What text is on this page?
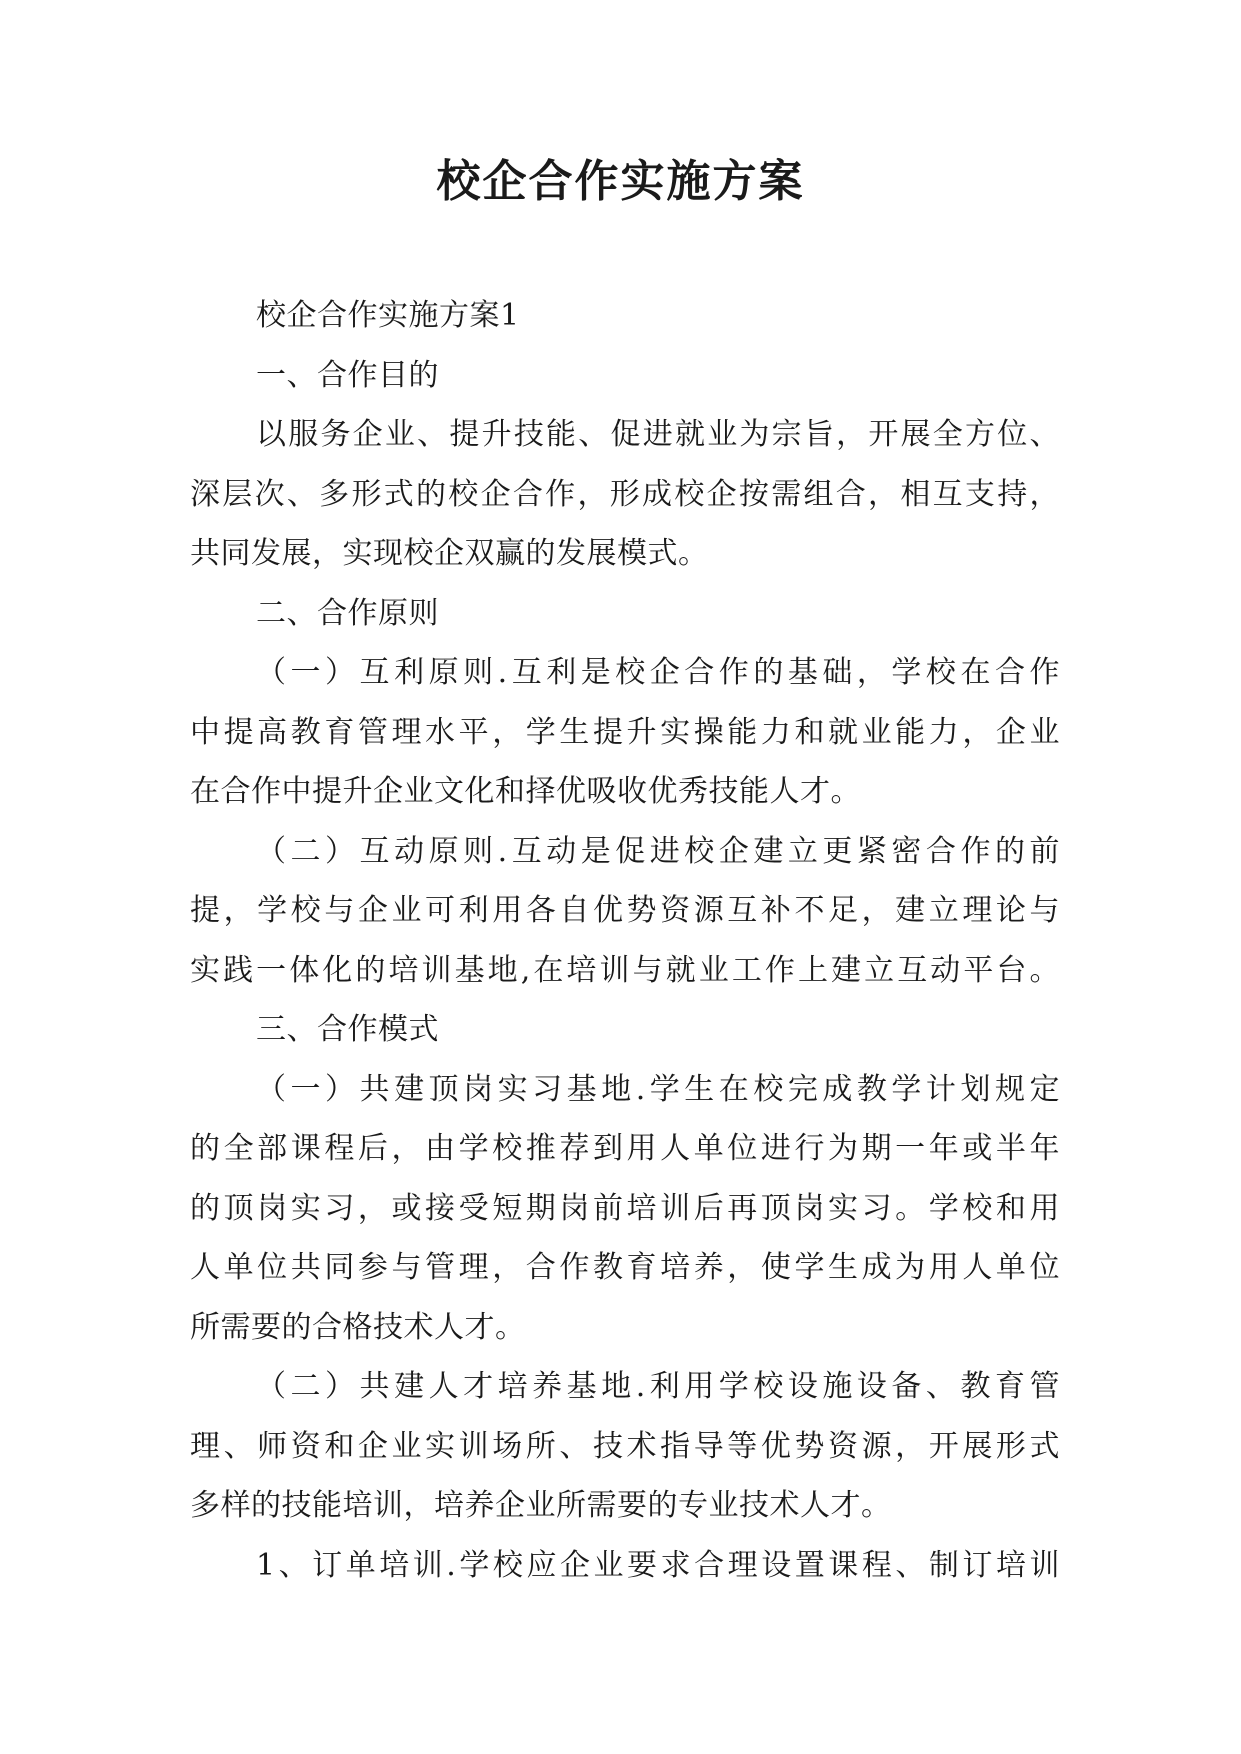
校企合作实施方案
校企合作实施方案1
一、合作目的
以服务企业、提升技能、促进就业为宗旨，开展全方位、
深层次、多形式的校企合作，形成校企按需组合，相互支持，
共同发展，实现校企双赢的发展模式。
二、合作原则
（一）互利原则.互利是校企合作的基础，学校在合作
中提高教育管理水平，学生提升实操能力和就业能力，企业
在合作中提升企业文化和择优吸收优秀技能人才。
（二）互动原则.互动是促进校企建立更紧密合作的前
提，学校与企业可利用各自优势资源互补不足，建立理论与
实践一体化的培训基地,在培训与就业工作上建立互动平台。
三、合作模式
（一）共建顶岗实习基地.学生在校完成教学计划规定
的全部课程后，由学校推荐到用人单位进行为期一年或半年
的顶岗实习，或接受短期岗前培训后再顶岗实习。学校和用
人单位共同参与管理，合作教育培养，使学生成为用人单位
所需要的合格技术人才。
（二）共建人才培养基地.利用学校设施设备、教育管
理、师资和企业实训场所、技术指导等优势资源，开展形式
多样的技能培训，培养企业所需要的专业技术人才。
1、订单培训.学校应企业要求合理设置课程、制订培训
